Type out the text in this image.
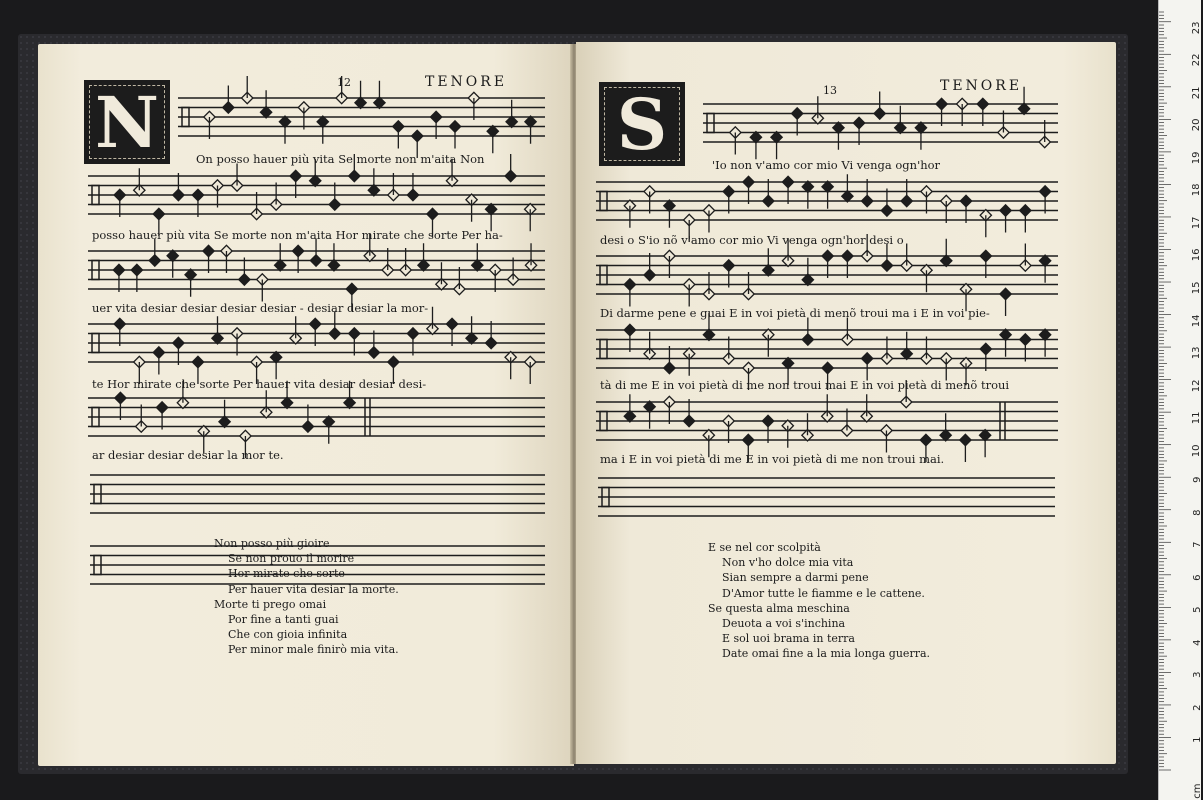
12	TENORE
N	13	TENORE
S
On posso hauer più vita Se morte non m'aita Non
posso hauer più vita Se morte non m'aita Hor mirate che sorte Per ha-
uer vita desiar desiar desiar desiar - desiar desiar la mor-
te Hor mirate che sorte Per hauer vita desiar desiar desi-
ar desiar desiar desiar la mor te.
'Io non v'amo cor mio Vi venga ogn'hor
desi o S'io nõ v'amo cor mio Vi venga ogn'hor desi o
Di darme pene e guai E in voi pietà di menõ troui ma i E in voi pie-
tà di me E in voi pietà di me non troui mai E in voi pietà di menõ troui
ma i E in voi pietà di me E in voi pietà di me non troui mai.
Non posso più gioire
Se non prouo il morire
Hor mirate che sorte
Per hauer vita desiar la morte.
Morte ti prego omai
Por fine a tanti guai
Che con gioia infinita
Per minor male finirò mia vita.
E se nel cor scolpità
Non v'ho dolce mia vita
Sian sempre a darmi pene
D'Amor tutte le fiamme e le cattene.
Se questa alma meschina
Deuota a voi s'inchina
E sol uoi brama in terra
Date omai fine a la mia longa guerra.
1
2
3
4
5
6
7
8
9
10
11
12
13
14
15
16
17
18
19
20
21
22
23
cm
